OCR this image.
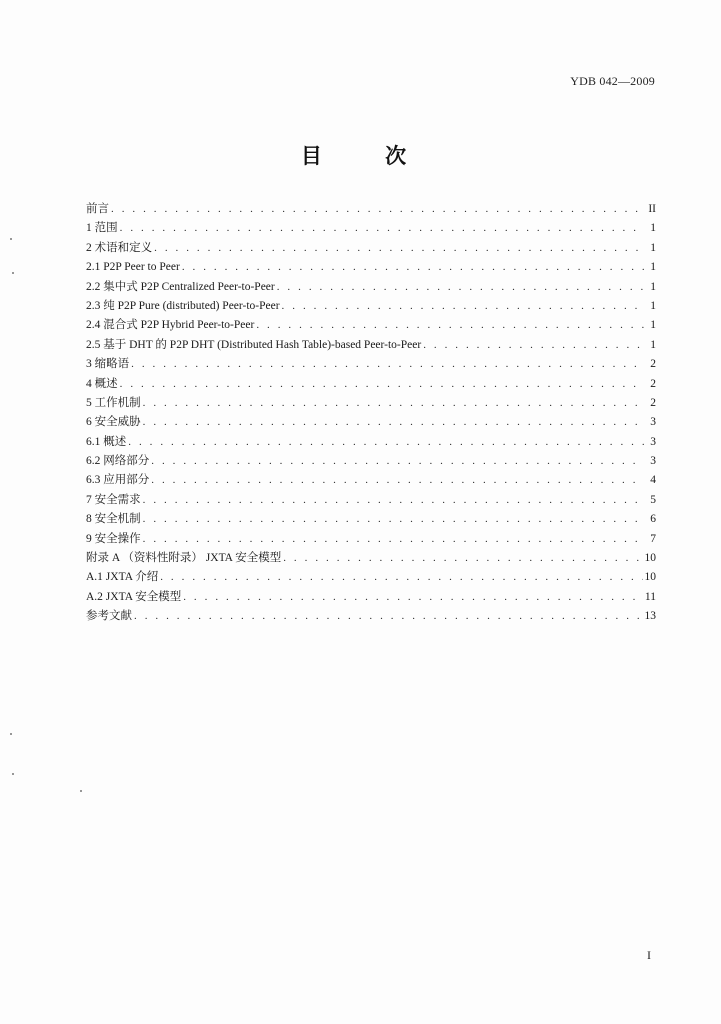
YDB 042—2009
目 次
前言 . . .	II
1 范围 . . .	1
2 术语和定义 . . .	1
2.1 P2P Peer to Peer . . .	1
2.2 集中式 P2P Centralized Peer-to-Peer . . .	1
2.3 纯 P2P Pure (distributed) Peer-to-Peer . . .	1
2.4 混合式 P2P Hybrid Peer-to-Peer . . .	1
2.5 基于 DHT 的 P2P DHT (Distributed Hash Table)-based Peer-to-Peer . . .	1
3 缩略语 . . .	2
4 概述 . . .	2
5 工作机制 . . .	2
6 安全威胁 . . .	3
6.1 概述 . . .	3
6.2 网络部分 . . .	3
6.3 应用部分 . . .	4
7 安全需求 . . .	5
8 安全机制 . . .	6
9 安全操作 . . .	7
附录 A （资料性附录） JXTA 安全模型 . . .	10
A.1 JXTA 介绍 . . .	10
A.2 JXTA 安全模型 . . .	11
参考文献 . . .	13
I
